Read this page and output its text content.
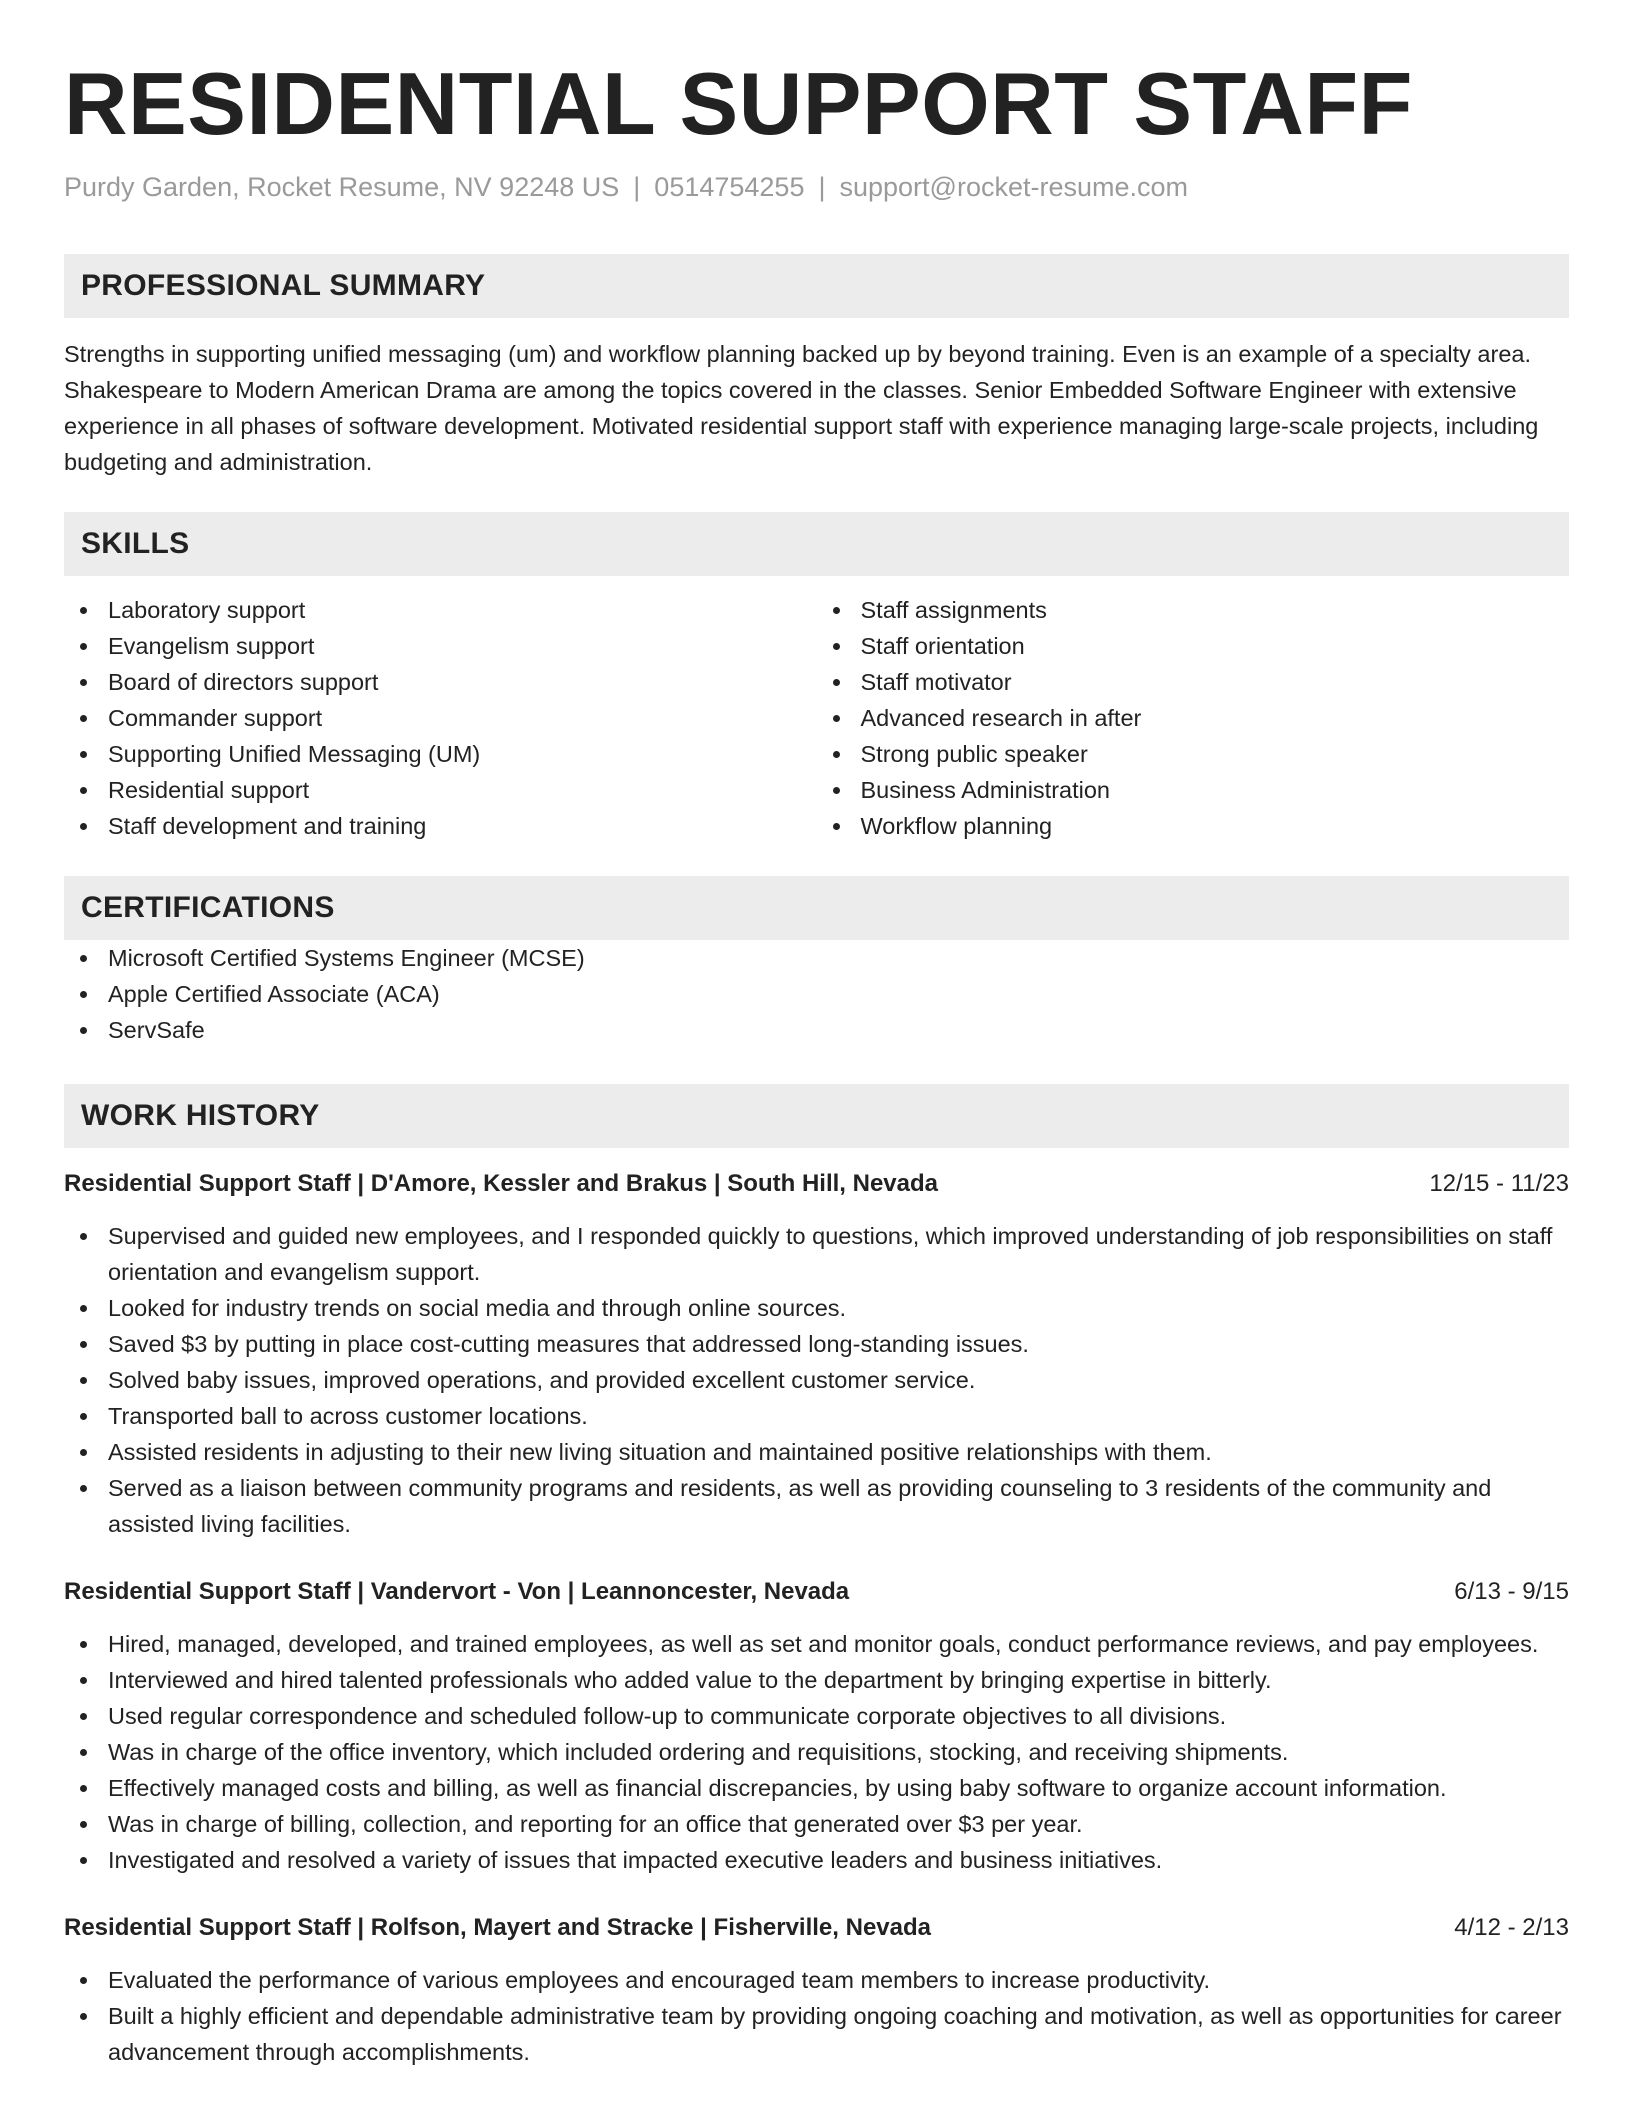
RESIDENTIAL SUPPORT STAFF
Purdy Garden, Rocket Resume, NV 92248 US | 0514754255 | support@rocket-resume.com
PROFESSIONAL SUMMARY

Strengths in supporting unified messaging (um) and workflow planning backed up by beyond training. Even is an example of a specialty area. Shakespeare to Modern American Drama are among the topics covered in the classes. Senior Embedded Software Engineer with extensive experience in all phases of software development. Motivated residential support staff with experience managing large-scale projects, including budgeting and administration.

SKILLS
Laboratory support
Evangelism support
Board of directors support
Commander support
Supporting Unified Messaging (UM)
Residential support
Staff development and training
Staff assignments
Staff orientation
Staff motivator
Advanced research in after
Strong public speaker
Business Administration
Workflow planning
CERTIFICATIONS
Microsoft Certified Systems Engineer (MCSE)
Apple Certified Associate (ACA)
ServSafe
WORK HISTORY
Residential Support Staff | D'Amore, Kessler and Brakus | South Hill, Nevada	12/15 - 11/23
Supervised and guided new employees, and I responded quickly to questions, which improved understanding of job responsibilities on staff orientation and evangelism support.
Looked for industry trends on social media and through online sources.
Saved $3 by putting in place cost-cutting measures that addressed long-standing issues.
Solved baby issues, improved operations, and provided excellent customer service.
Transported ball to across customer locations.
Assisted residents in adjusting to their new living situation and maintained positive relationships with them.
Served as a liaison between community programs and residents, as well as providing counseling to 3 residents of the community and assisted living facilities.
Residential Support Staff | Vandervort - Von | Leannoncester, Nevada	6/13 - 9/15
Hired, managed, developed, and trained employees, as well as set and monitor goals, conduct performance reviews, and pay employees.
Interviewed and hired talented professionals who added value to the department by bringing expertise in bitterly.
Used regular correspondence and scheduled follow-up to communicate corporate objectives to all divisions.
Was in charge of the office inventory, which included ordering and requisitions, stocking, and receiving shipments.
Effectively managed costs and billing, as well as financial discrepancies, by using baby software to organize account information.
Was in charge of billing, collection, and reporting for an office that generated over $3 per year.
Investigated and resolved a variety of issues that impacted executive leaders and business initiatives.
Residential Support Staff | Rolfson, Mayert and Stracke | Fisherville, Nevada	4/12 - 2/13
Evaluated the performance of various employees and encouraged team members to increase productivity.
Built a highly efficient and dependable administrative team by providing ongoing coaching and motivation, as well as opportunities for career advancement through accomplishments.
